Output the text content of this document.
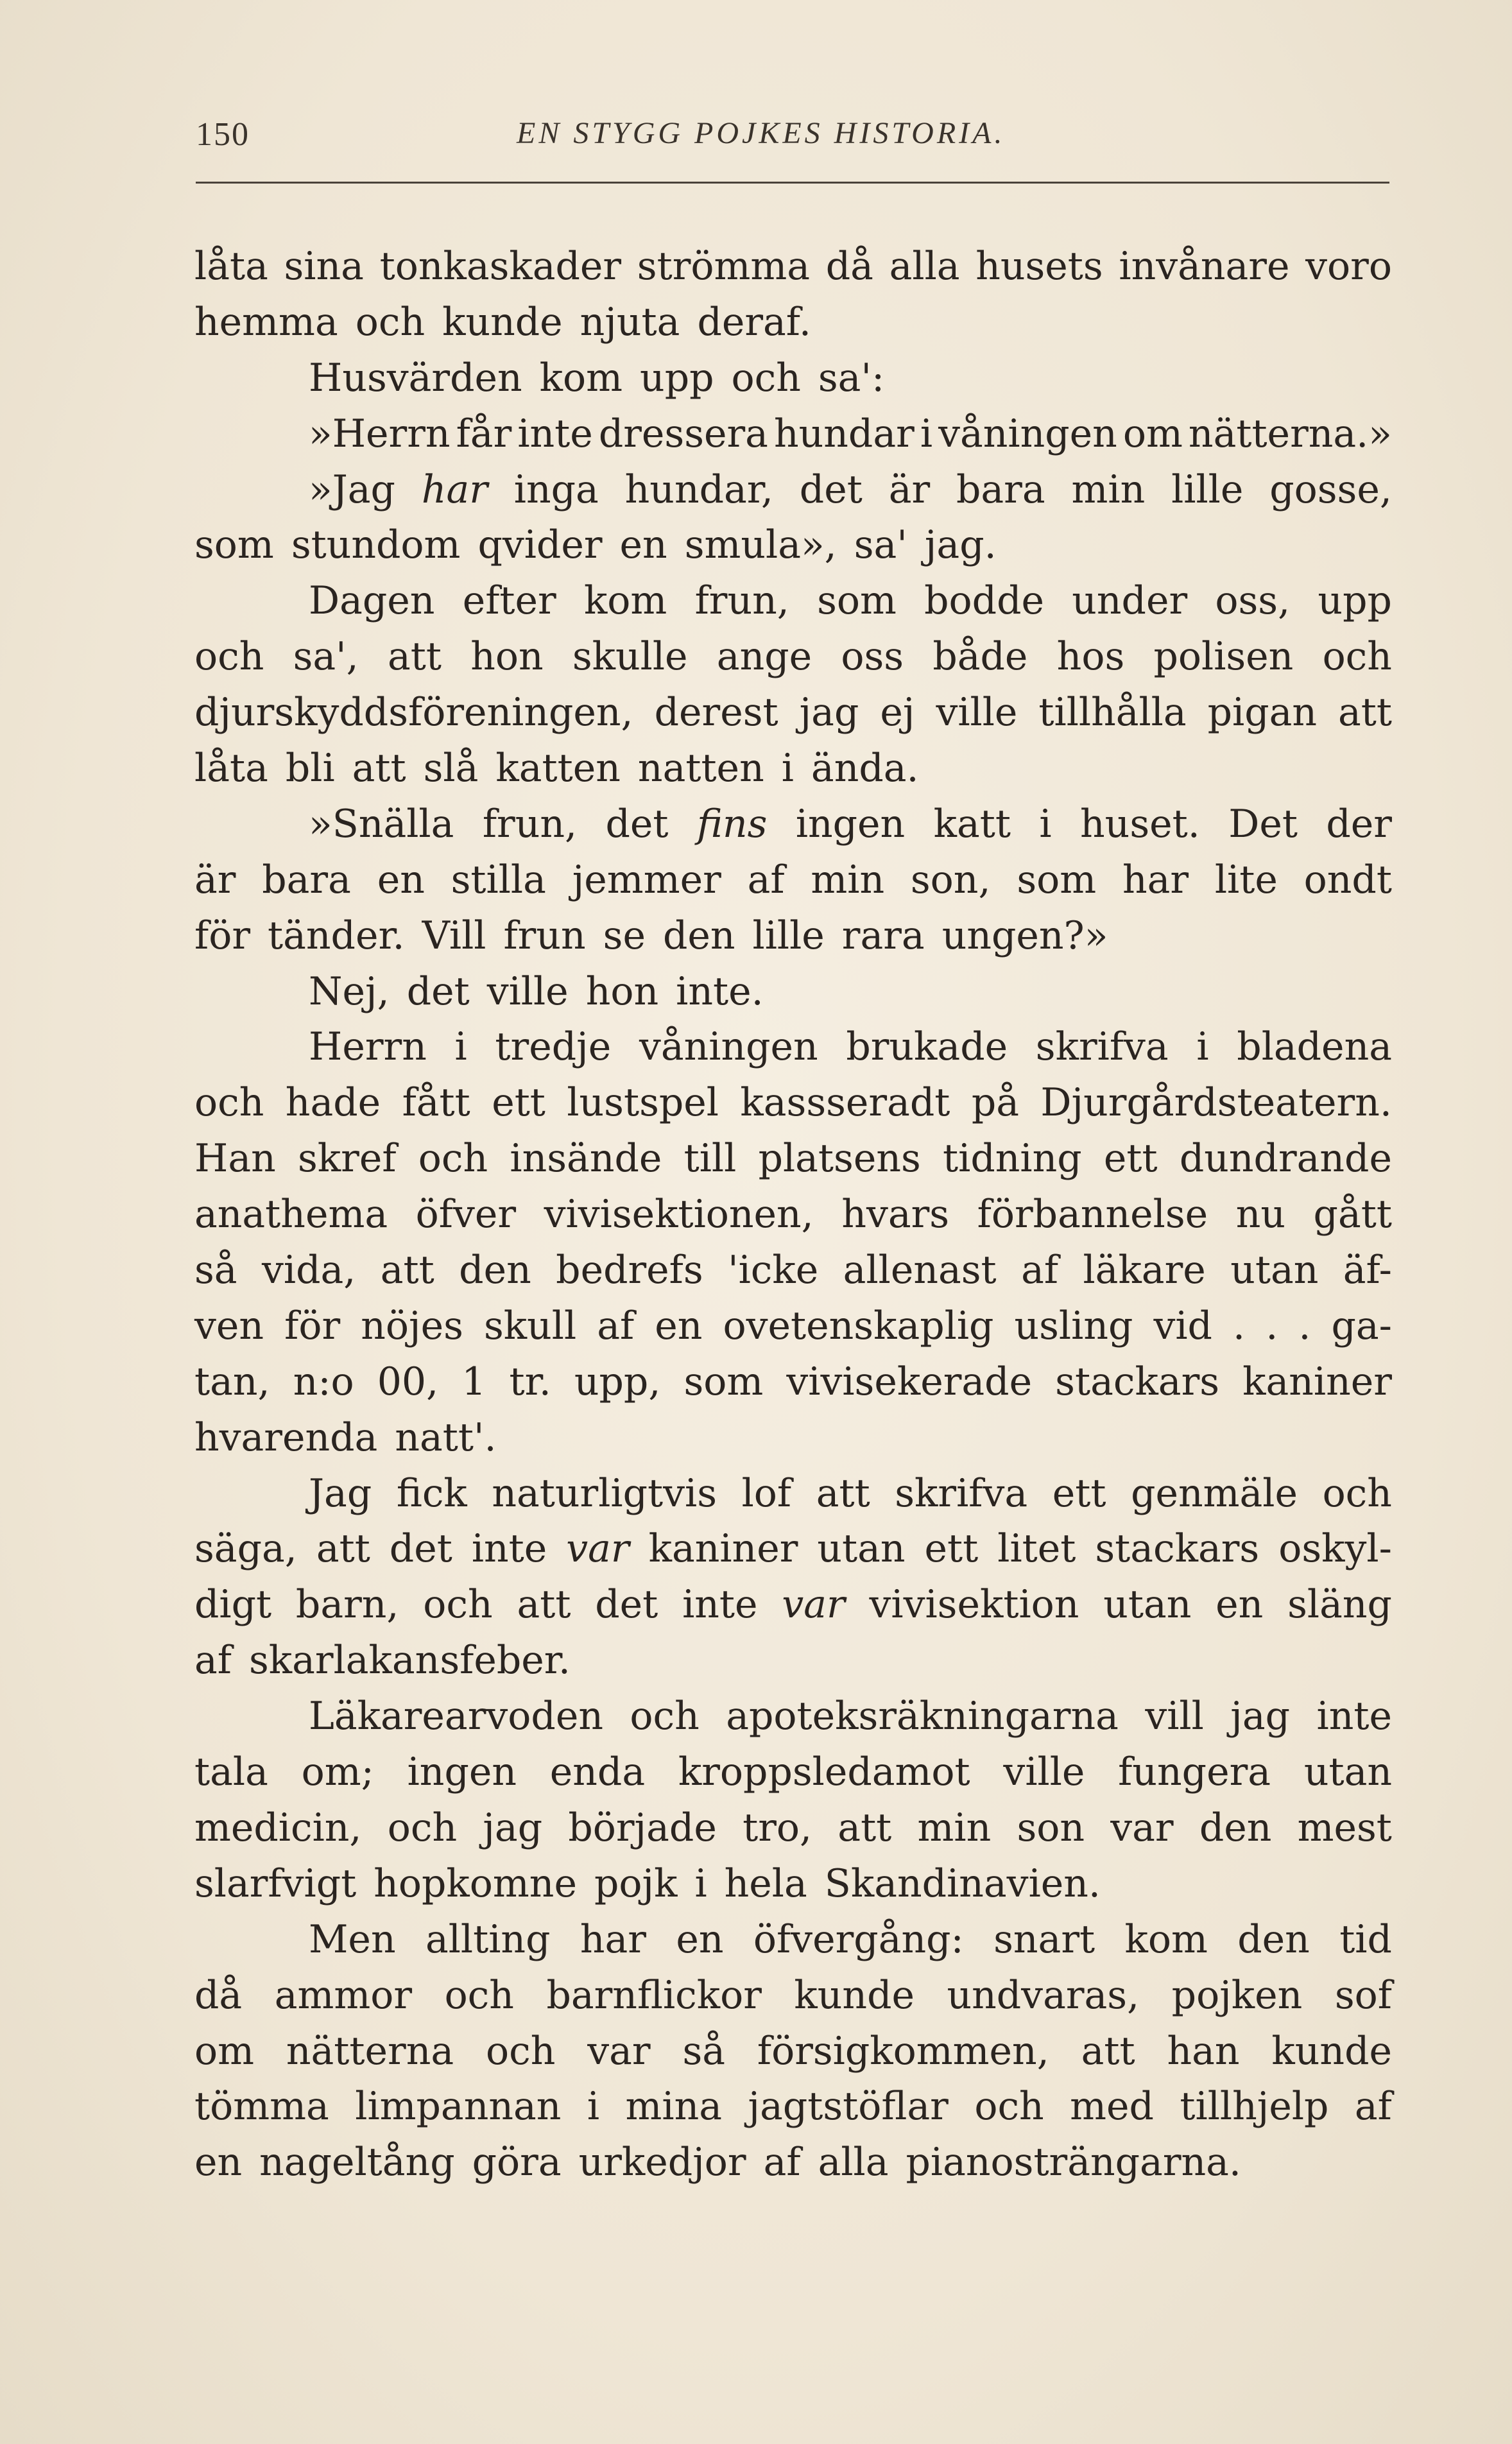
150	EN STYGG POJKES HISTORIA.
låta sina tonkaskader strömma då alla husets invånare voro
hemma och kunde njuta deraf.
Husvärden kom upp och sa':
»Herrn får inte dressera hundar i våningen om nätterna.»
»Jag har inga hundar, det är bara min lille gosse,
som stundom qvider en smula», sa' jag.
Dagen efter kom frun, som bodde under oss, upp
och sa', att hon skulle ange oss både hos polisen och
djurskyddsföreningen, derest jag ej ville tillhålla pigan att
låta bli att slå katten natten i ända.
»Snälla frun, det fins ingen katt i huset. Det der
är bara en stilla jemmer af min son, som har lite ondt
för tänder. Vill frun se den lille rara ungen?»
Nej, det ville hon inte.
Herrn i tredje våningen brukade skrifva i bladena
och hade fått ett lustspel kassseradt på Djurgårdsteatern.
Han skref och insände till platsens tidning ett dundrande
anathema öfver vivisektionen, hvars förbannelse nu gått
så vida, att den bedrefs 'icke allenast af läkare utan äf-
ven för nöjes skull af en ovetenskaplig usling vid . . . ga-
tan, n:o 00, 1 tr. upp, som vivisekerade stackars kaniner
hvarenda natt'.
Jag fick naturligtvis lof att skrifva ett genmäle och
säga, att det inte var kaniner utan ett litet stackars oskyl-
digt barn, och att det inte var vivisektion utan en släng
af skarlakansfeber.
Läkarearvoden och apoteksräkningarna vill jag inte
tala om; ingen enda kroppsledamot ville fungera utan
medicin, och jag började tro, att min son var den mest
slarfvigt hopkomne pojk i hela Skandinavien.
Men allting har en öfvergång: snart kom den tid
då ammor och barnflickor kunde undvaras, pojken sof
om nätterna och var så försigkommen, att han kunde
tömma limpannan i mina jagtstöflar och med tillhjelp af
en nageltång göra urkedjor af alla pianosträngarna.
